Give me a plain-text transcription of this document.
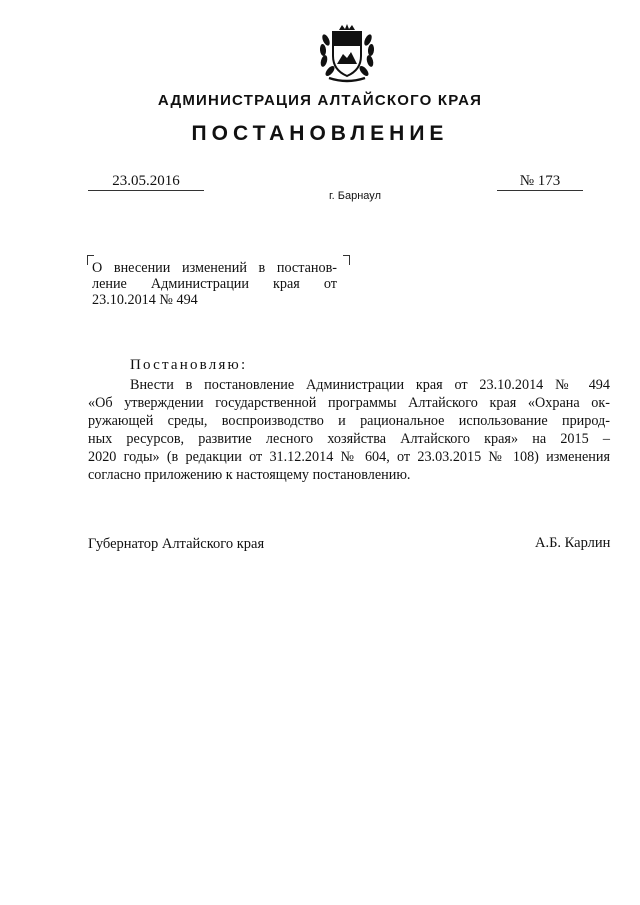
АДМИНИСТРАЦИЯ АЛТАЙСКОГО КРАЯ
ПОСТАНОВЛЕНИЕ
23.05.2016	№ 173
г. Барнаул
О внесении изменений в постанов-
ление Администрации края от
23.10.2014 № 494
Постановляю:
Внести в постановление Администрации края от 23.10.2014 № 494
«Об утверждении государственной программы Алтайского края «Охрана ок-
ружающей среды, воспроизводство и рациональное использование природ-
ных ресурсов, развитие лесного хозяйства Алтайского края» на 2015 –
2020 годы» (в редакции от 31.12.2014 № 604, от 23.03.2015 № 108) изменения
согласно приложению к настоящему постановлению.
Губернатор Алтайского края	А.Б. Карлин
